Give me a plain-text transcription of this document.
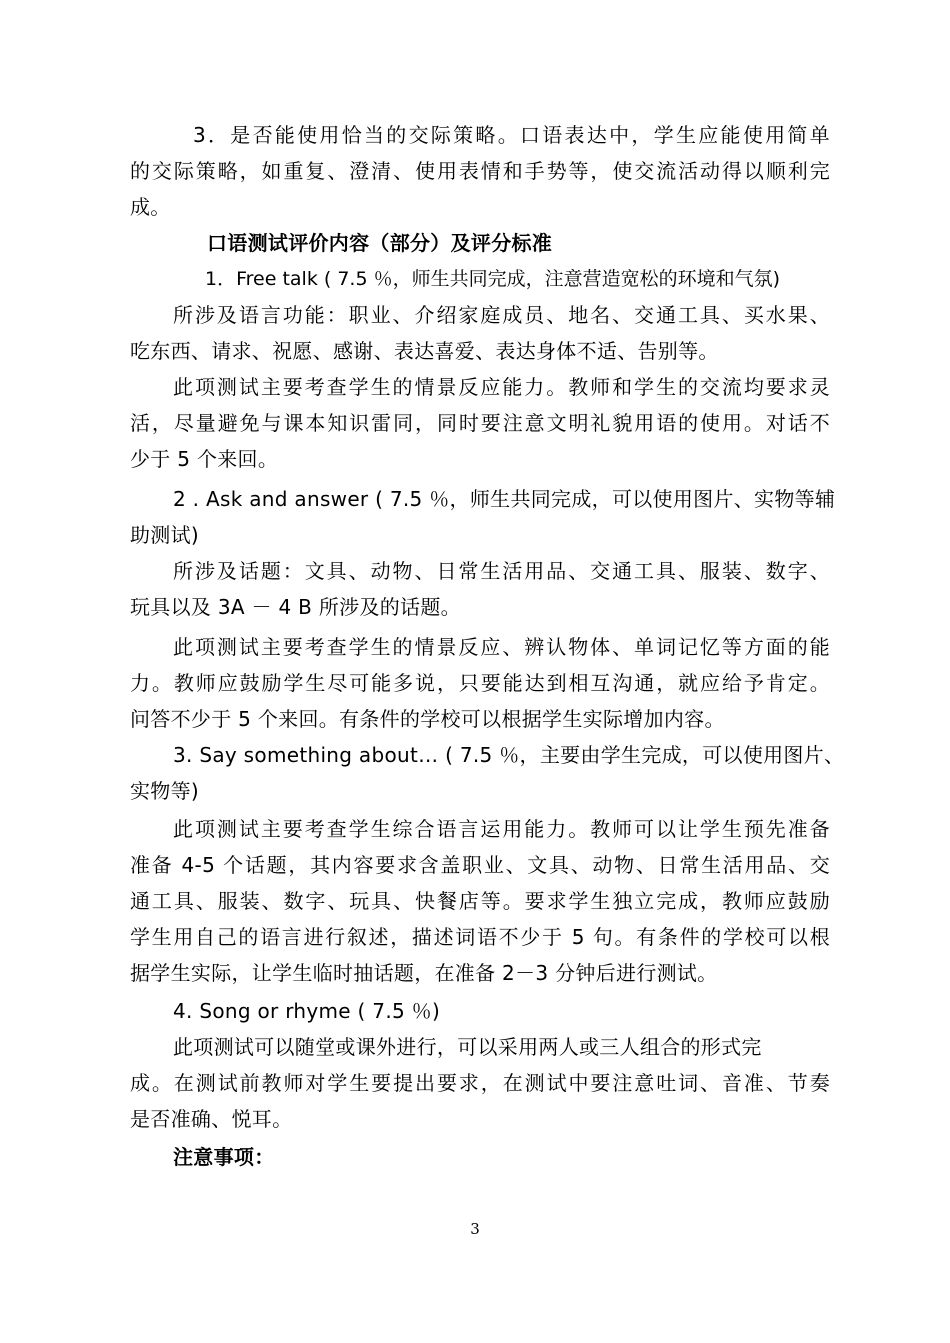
3．是否能使用恰当的交际策略。口语表达中，学生应能使用简单
的交际策略，如重复、澄清、使用表情和手势等，使交流活动得以顺利完
成。
口语测试评价内容（部分）及评分标准
1．Free talk ( 7.5 ％，师生共同完成，注意营造宽松的环境和气氛)
所涉及语言功能：职业、介绍家庭成员、地名、交通工具、买水果、
吃东西、请求、祝愿、感谢、表达喜爱、表达身体不适、告别等。
此项测试主要考查学生的情景反应能力。教师和学生的交流均要求灵
活，尽量避免与课本知识雷同，同时要注意文明礼貌用语的使用。对话不
少于 5 个来回。
2 . Ask and answer ( 7.5 ％，师生共同完成，可以使用图片、实物等辅
助测试)
所涉及话题：文具、动物、日常生活用品、交通工具、服装、数字、
玩具以及 3A － 4 B 所涉及的话题。
此项测试主要考查学生的情景反应、辨认物体、单词记忆等方面的能
力。教师应鼓励学生尽可能多说，只要能达到相互沟通，就应给予肯定。
问答不少于 5 个来回。有条件的学校可以根据学生实际增加内容。
3. Say something about… ( 7.5 ％，主要由学生完成，可以使用图片、
实物等)
此项测试主要考查学生综合语言运用能力。教师可以让学生预先准备
准备 4-5 个话题，其内容要求含盖职业、文具、动物、日常生活用品、交
通工具、服装、数字、玩具、快餐店等。要求学生独立完成，教师应鼓励
学生用自己的语言进行叙述，描述词语不少于 5 句。有条件的学校可以根
据学生实际，让学生临时抽话题，在准备 2－3 分钟后进行测试。
4. Song or rhyme ( 7.5 ％)
此项测试可以随堂或课外进行，可以采用两人或三人组合的形式完
成。在测试前教师对学生要提出要求，在测试中要注意吐词、音准、节奏
是否准确、悦耳。
注意事项：
3
